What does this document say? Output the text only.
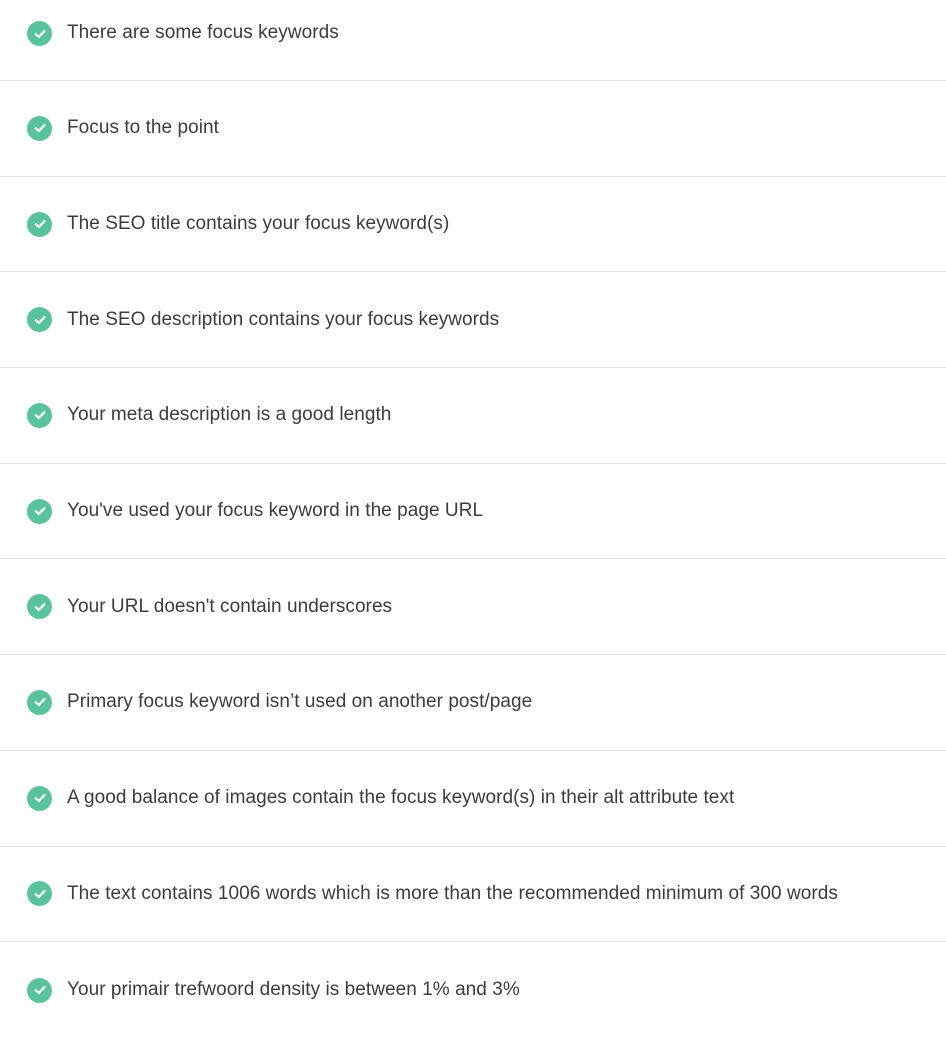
There are some focus keywords
Focus to the point
The SEO title contains your focus keyword(s)
The SEO description contains your focus keywords
Your meta description is a good length
You've used your focus keyword in the page URL
Your URL doesn't contain underscores
Primary focus keyword isn’t used on another post/page
A good balance of images contain the focus keyword(s) in their alt attribute text
The text contains 1006 words which is more than the recommended minimum of 300 words
Your primair trefwoord density is between 1% and 3%
